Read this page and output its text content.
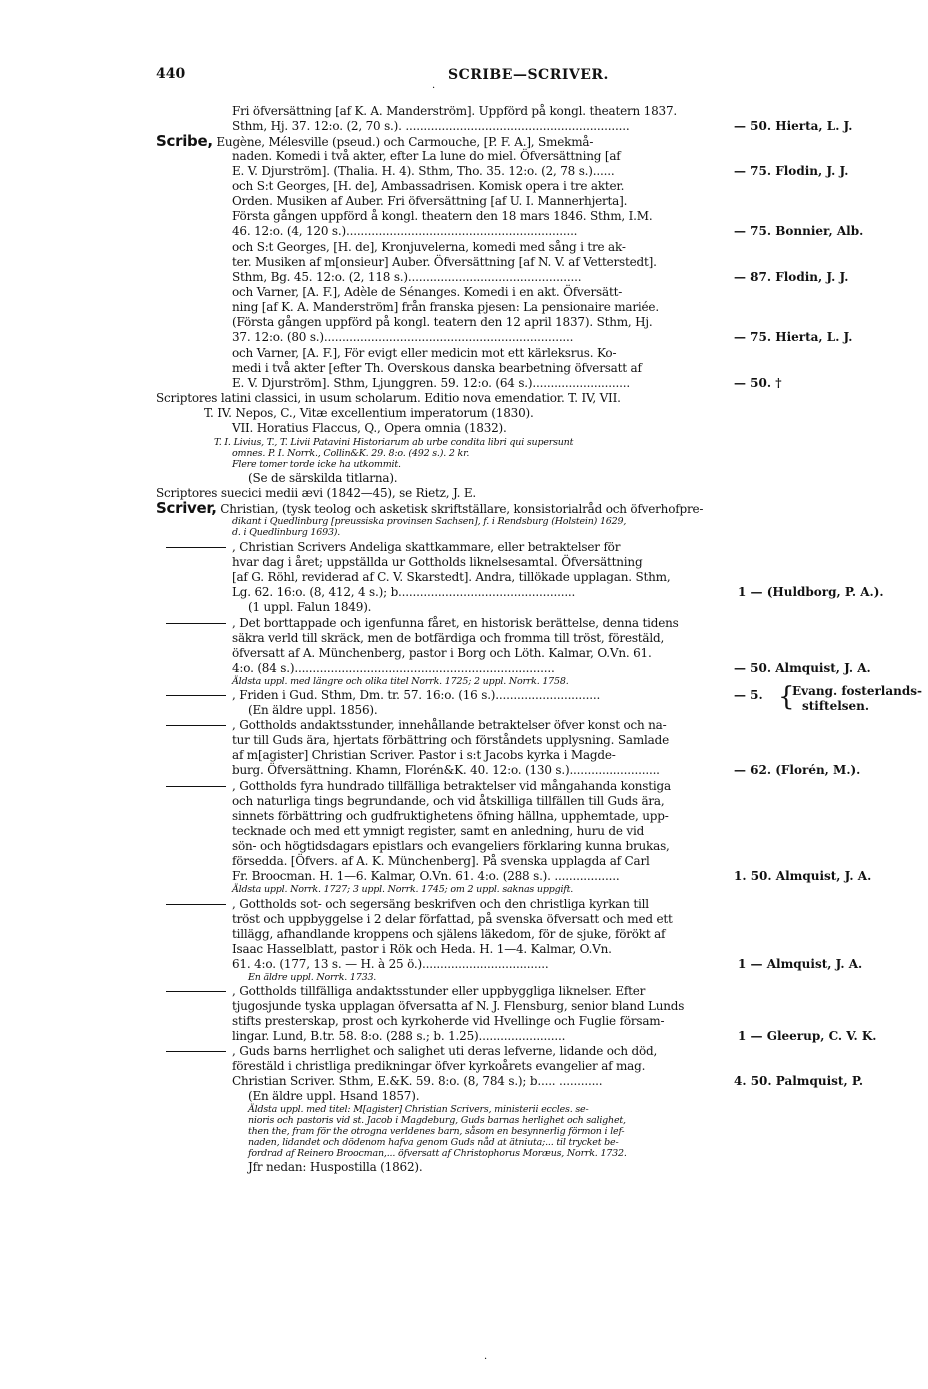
440	SCRIBE—SCRIVER.
·
Fri öfversättning [af K. A. Manderström]. Uppförd på kongl. theatern 1837.
Sthm, Hj. 37. 12:o. (2, 70 s.). ..............................................................
Scribe, Eugène, Mélesville (pseud.) och Carmouche, [P. F. A.], Smekmå-
naden. Komedi i två akter, efter La lune do miel. Öfversättning [af
E. V. Djurström]. (Thalia. H. 4). Sthm, Tho. 35. 12:o. (2, 78 s.)......
och S:t Georges, [H. de], Ambassadrisen. Komisk opera i tre akter.
Orden. Musiken af Auber. Fri öfversättning [af U. I. Mannerhjerta].
Första gången uppförd å kongl. theatern den 18 mars 1846. Sthm, I.M.
46. 12:o. (4, 120 s.)................................................................
och S:t Georges, [H. de], Kronjuvelerna, komedi med sång i tre ak-
ter. Musiken af m[onsieur] Auber. Öfversättning [af N. V. af Vetterstedt].
Sthm, Bg. 45. 12:o. (2, 118 s.)................................................
och Varner, [A. F.], Adèle de Sénanges. Komedi i en akt. Öfversätt-
ning [af K. A. Manderström] från franska pjesen: La pensionaire mariée.
(Första gången uppförd på kongl. teatern den 12 april 1837). Sthm, Hj.
37. 12:o. (80 s.).....................................................................
och Varner, [A. F.], För evigt eller medicin mot ett kärleksrus. Ko-
medi i två akter [efter Th. Overskous danska bearbetning öfversatt af
E. V. Djurström]. Sthm, Ljunggren. 59. 12:o. (64 s.)...........................
Scriptores latini classici, in usum scholarum. Editio nova emendatior. T. IV, VII.
T. IV. Nepos, C., Vitæ excellentium imperatorum (1830).
VII. Horatius Flaccus, Q., Opera omnia (1832).
T. I. Livius, T., T. Livii Patavini Historiarum ab urbe condita libri qui supersunt
omnes. P. I. Norrk., Collin&K. 29. 8:o. (492 s.). 2 kr.
Flere tomer torde icke ha utkommit.
(Se de särskilda titlarna).
Scriptores suecici medii ævi (1842—45), se Rietz, J. E.
Scriver, Christian, (tysk teolog och asketisk skriftställare, konsistorialråd och öfverhofpre-
dikant i Quedlinburg [preussiska provinsen Sachsen], f. i Rendsburg (Holstein) 1629,
d. i Quedlinburg 1693).
, Christian Scrivers Andeliga skattkammare, eller betraktelser för
hvar dag i året; uppställda ur Gottholds liknelsesamtal. Öfversättning
[af G. Röhl, reviderad af C. V. Skarstedt]. Andra, tillökade upplagan. Sthm,
Lg. 62. 16:o. (8, 412, 4 s.); b.................................................
(1 uppl. Falun 1849).
, Det borttappade och igenfunna fåret, en historisk berättelse, denna tidens
säkra verld till skräck, men de botfärdiga och fromma till tröst, förestäld,
öfversatt af A. Münchenberg, pastor i Borg och Löth. Kalmar, O.Vn. 61.
4:o. (84 s.)........................................................................
Äldsta uppl. med längre och olika titel Norrk. 1725; 2 uppl. Norrk. 1758.
, Friden i Gud. Sthm, Dm. tr. 57. 16:o. (16 s.).............................
(En äldre uppl. 1856).
, Gottholds andaktsstunder, innehållande betraktelser öfver konst och na-
tur till Guds ära, hjertats förbättring och förståndets upplysning. Samlade
af m[agister] Christian Scriver. Pastor i s:t Jacobs kyrka i Magde-
burg. Öfversättning. Khamn, Florén&K. 40. 12:o. (130 s.).........................
, Gottholds fyra hundrado tillfälliga betraktelser vid mångahanda konstiga
och naturliga tings begrundande, och vid åtskilliga tillfällen till Guds ära,
sinnets förbättring och gudfruktighetens öfning hällna, upphemtade, upp-
tecknade och med ett ymnigt register, samt en anledning, huru de vid
sön- och högtidsdagars epistlars och evangeliers förklaring kunna brukas,
försedda. [Öfvers. af A. K. Münchenberg]. På svenska upplagda af Carl
Fr. Broocman. H. 1—6. Kalmar, O.Vn. 61. 4:o. (288 s.). ..................
Äldsta uppl. Norrk. 1727; 3 uppl. Norrk. 1745; om 2 uppl. saknas uppgift.
, Gottholds sot- och segersäng beskrifven och den christliga kyrkan till
tröst och uppbyggelse i 2 delar författad, på svenska öfversatt och med ett
tillägg, afhandlande kroppens och själens läkedom, för de sjuke, förökt af
Isaac Hasselblatt, pastor i Rök och Heda. H. 1—4. Kalmar, O.Vn.
61. 4:o. (177, 13 s. — H. à 25 ö.)...................................
En äldre uppl. Norrk. 1733.
, Gottholds tillfälliga andaktsstunder eller uppbyggliga liknelser. Efter
tjugosjunde tyska upplagan öfversatta af N. J. Flensburg, senior bland Lunds
stifts presterskap, prost och kyrkoherde vid Hvellinge och Fuglie försam-
lingar. Lund, B.tr. 58. 8:o. (288 s.; b. 1.25)........................
, Guds barns herrlighet och salighet uti deras lefverne, lidande och död,
förestäld i christliga predikningar öfver kyrkoårets evangelier af mag.
Christian Scriver. Sthm, E.&K. 59. 8:o. (8, 784 s.); b..... ............
(En äldre uppl. Hsand 1857).
Äldsta uppl. med titel: M[agister] Christian Scrivers, ministerii eccles. se-
nioris och pastoris vid st. Jacob i Magdeburg, Guds barnas herlighet och salighet,
then the, fram för the otrogna verldenes barn, såsom en besynnerlig förmon i lef-
naden, lidandet och dödenom hafva genom Guds nåd at ätniuta;... til trycket be-
fordrad af Reinero Broocman,... öfversatt af Christophorus Moræus, Norrk. 1732.
Jfr nedan: Huspostilla (1862).
— 50. Hierta, L. J.
— 75. Flodin, J. J.
— 75. Bonnier, Alb.
— 87. Flodin, J. J.
— 75. Hierta, L. J.
— 50. †
1 — (Huldborg, P. A.).
— 50. Almquist, J. A.
— 5.
— 62. (Florén, M.).
1. 50. Almquist, J. A.
1 — Almquist, J. A.
1 — Gleerup, C. V. K.
4. 50. Palmquist, P.
{
Evang. fosterlands-
stiftelsen.
·
